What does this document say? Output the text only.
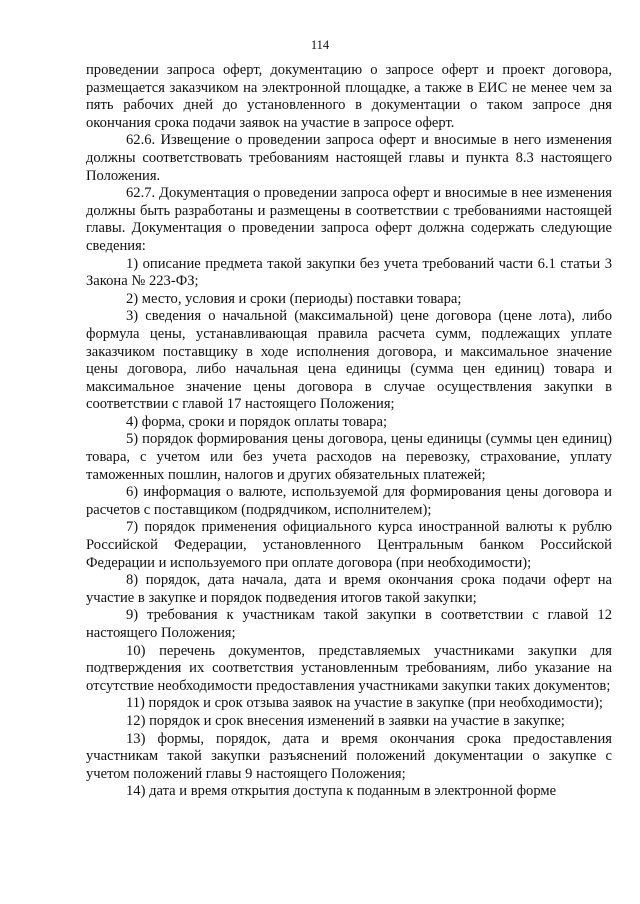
114

проведении запроса оферт, документацию о запросе оферт и проект договора, размещается заказчиком на электронной площадке, а также в ЕИС не менее чем за пять рабочих дней до установленного в документации о таком запросе дня окончания срока подачи заявок на участие в запросе оферт.

62.6. Извещение о проведении запроса оферт и вносимые в него изменения должны соответствовать требованиям настоящей главы и пункта 8.3 настоящего Положения.

62.7. Документация о проведении запроса оферт и вносимые в нее изменения должны быть разработаны и размещены в соответствии с требованиями настоящей главы. Документация о проведении запроса оферт должна содержать следующие сведения:

1) описание предмета такой закупки без учета требований части 6.1 статьи 3 Закона № 223-ФЗ;

2) место, условия и сроки (периоды) поставки товара;

3) сведения о начальной (максимальной) цене договора (цене лота), либо формула цены, устанавливающая правила расчета сумм, подлежащих уплате заказчиком поставщику в ходе исполнения договора, и максимальное значение цены договора, либо начальная цена единицы (сумма цен единиц) товара и максимальное значение цены договора в случае осуществления закупки в соответствии с главой 17 настоящего Положения;

4) форма, сроки и порядок оплаты товара;

5) порядок формирования цены договора, цены единицы (суммы цен единиц) товара, с учетом или без учета расходов на перевозку, страхование, уплату таможенных пошлин, налогов и других обязательных платежей;

6) информация о валюте, используемой для формирования цены договора и расчетов с поставщиком (подрядчиком, исполнителем);

7) порядок применения официального курса иностранной валюты к рублю Российской Федерации, установленного Центральным банком Российской Федерации и используемого при оплате договора (при необходимости);

8) порядок, дата начала, дата и время окончания срока подачи оферт на участие в закупке и порядок подведения итогов такой закупки;

9) требования к участникам такой закупки в соответствии с главой 12 настоящего Положения;

10) перечень документов, представляемых участниками закупки для подтверждения их соответствия установленным требованиям, либо указание на отсутствие необходимости предоставления участниками закупки таких документов;

11) порядок и срок отзыва заявок на участие в закупке (при необходимости);

12) порядок и срок внесения изменений в заявки на участие в закупке;

13) формы, порядок, дата и время окончания срока предоставления участникам такой закупки разъяснений положений документации о закупке с учетом положений главы 9 настоящего Положения;

14) дата и время открытия доступа к поданным в электронной форме
